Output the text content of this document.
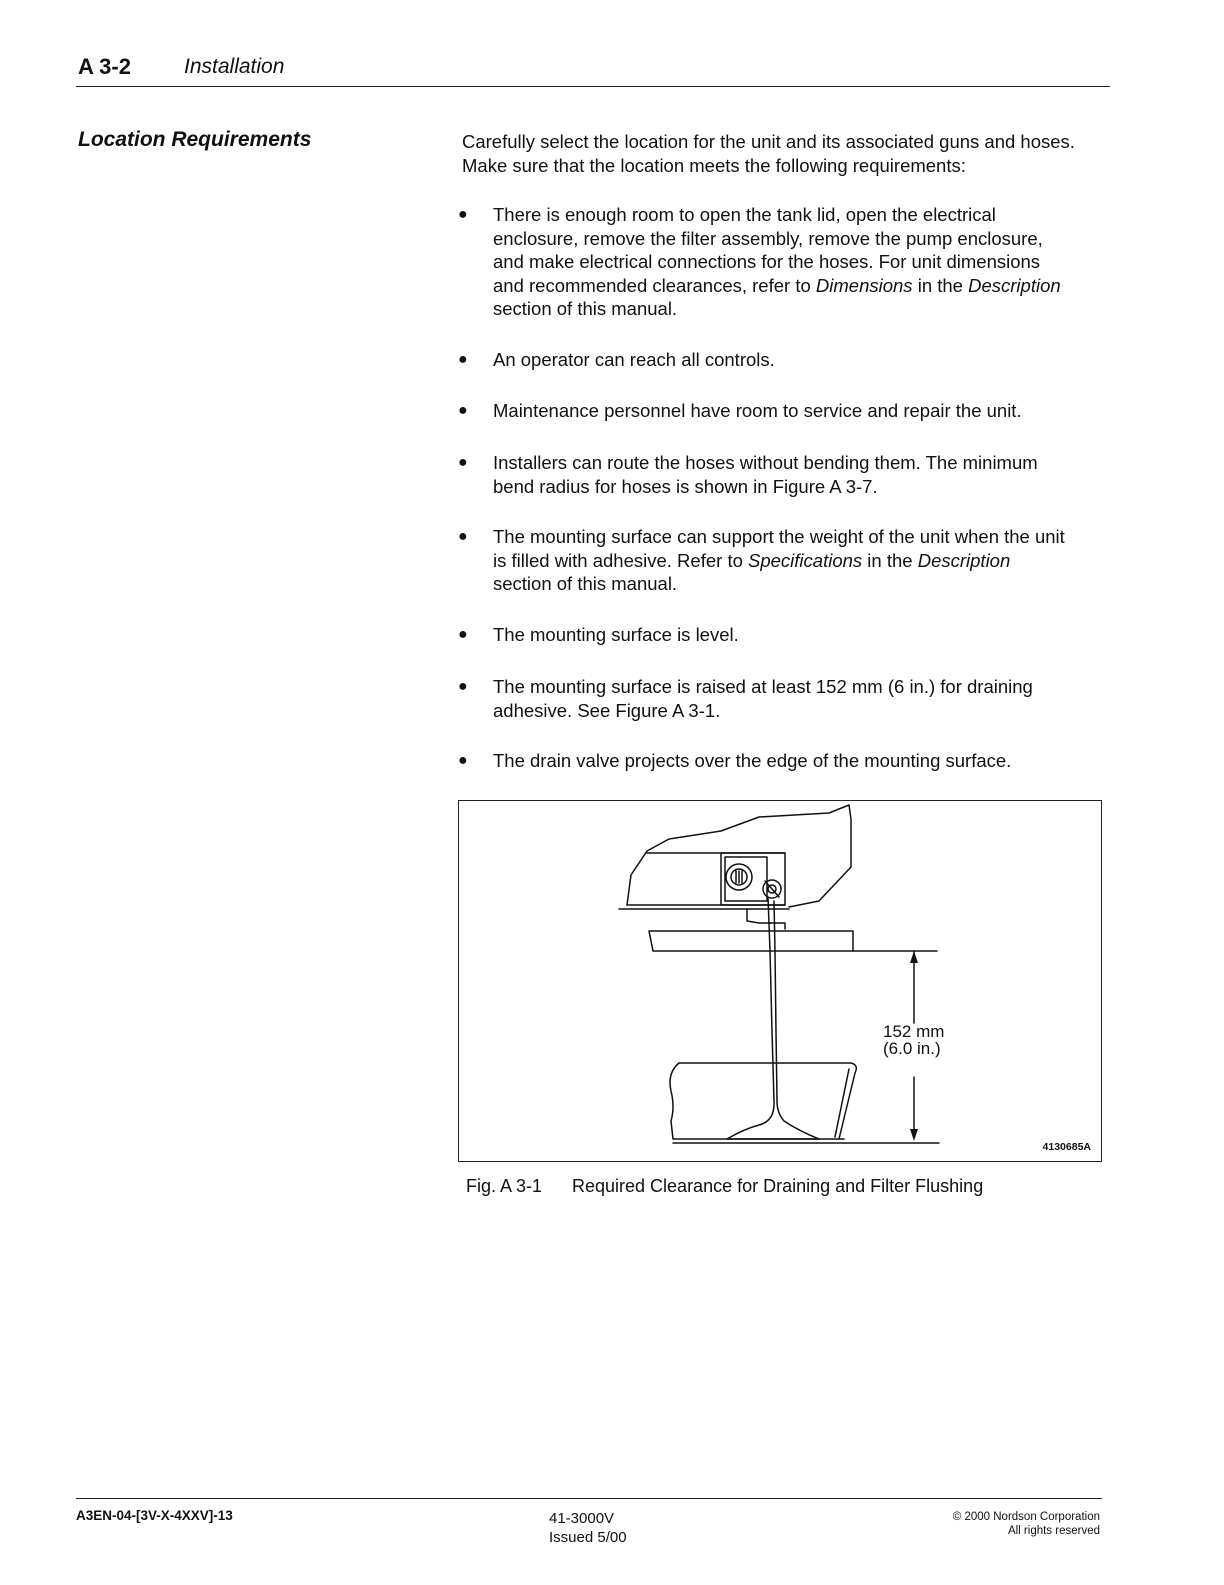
A 3-2	Installation
Location Requirements	Carefully select the location for the unit and its associated guns and hoses. Make sure that the location meets the following requirements:
● There is enough room to open the tank lid, open the electrical
enclosure, remove the filter assembly, remove the pump enclosure,
and make electrical connections for the hoses. For unit dimensions
and recommended clearances, refer to Dimensions in the Description
section of this manual.
● An operator can reach all controls.
● Maintenance personnel have room to service and repair the unit.
● Installers can route the hoses without bending them. The minimum
bend radius for hoses is shown in Figure A 3-7.
● The mounting surface can support the weight of the unit when the unit
is filled with adhesive. Refer to Specifications in the Description
section of this manual.
● The mounting surface is level.
● The mounting surface is raised at least 152 mm (6 in.) for draining
adhesive. See Figure A 3-1.
● The drain valve projects over the edge of the mounting surface.
152 mm
(6.0 in.)
4130685A
Fig. A 3-1 Required Clearance for Draining and Filter Flushing
A3EN-04-[3V-X-4XXV]-13	41-3000V
Issued 5/00
© 2000 Nordson Corporation
All rights reserved
